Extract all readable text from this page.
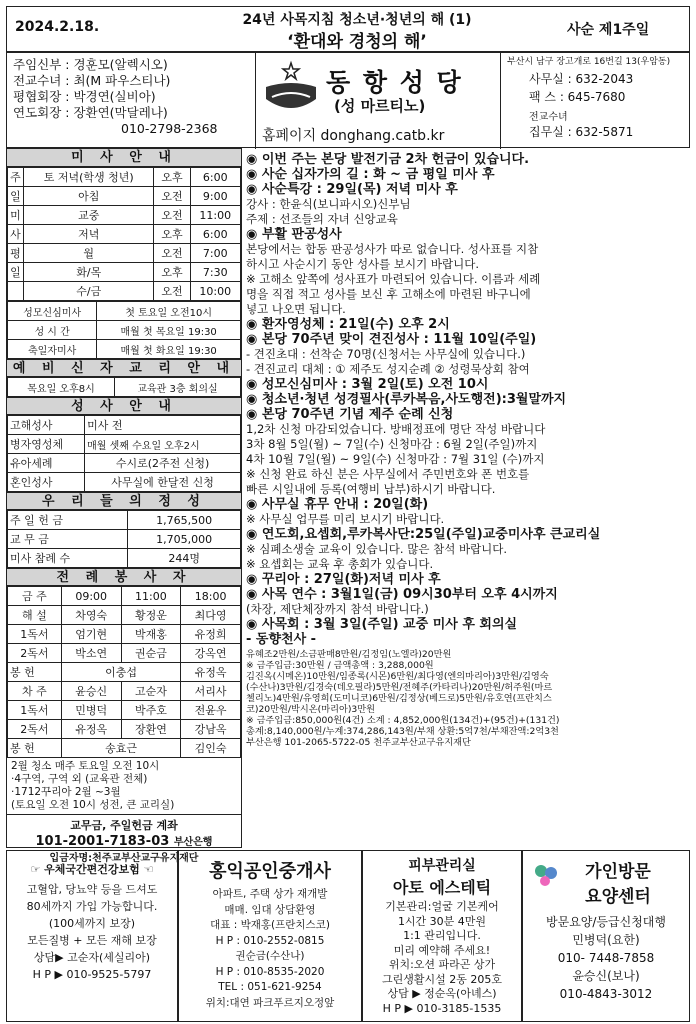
2024.2.18.	24년 사목지침 청소년·청년의 해 (1)
‘환대와 경청의 해’
사순 제1주일
주임신부 : 경훈모(알렉시오)
전교수녀 : 최(M 파우스티나)
평협회장 : 박경연(실비아)
연도회장 : 장환연(막달레나)
010-2798-2368
동 항 성 당
(성 마르티노)
홈페이지 donghang.catb.kr
부산시 남구 장고개로 16번길 13(우암동)
사무실 : 632-2043
팩 스 : 645-7680
전교수녀
집무실 : 632-5871
미 사 안 내
주	토 저녁(학생 청년)	오후	6:00
일	아침	오전	9:00
미	교중	오전	11:00
사	저녁	오후	6:00
평	월	오전	7:00
일	화/목	오후	7:30
	수/금	오전	10:00
성모신심미사	첫 토요일 오전10시
성 시 간	매월 첫 목요일 19:30
축일자미사	매월 첫 화요일 19:30
예 비 신 자 교 리 안 내
목요일 오후8시	교육관 3층 회의실
성 사 안 내
고해성사	미사 전
병자영성체	매월 셋째 수요일 오후2시
유아세례	수시로(2주전 신청)
혼인성사	사무실에 한달전 신청
우 리 들 의 정 성
주 일 헌 금	1,765,500
교 무 금	1,705,000
미사 참례 수	244명
전 례 봉 사 자
금 주	09:00	11:00	18:00
해 설	차영숙	황정운	최다영
1독서	엄기현	박재홍	유정희
2독서	박소연	권순금	강옥연
봉 헌	이충섭		유정옥
차 주	윤승신	고순자	서리사
1독서	민병덕	박주호	전윤우
2독서	유정옥	장환연	강남옥
봉 헌	송효근		김인숙
2월 청소 매주 토요일 오전 10시
·4구역, 구역 외 (교육관 전체)
·1712꾸리아 2월 ~3월
(토요일 오전 10시 성전, 큰 교리실)
교무금, 주일헌금 계좌
101-2001-7183-03 부산은행
입금자명:천주교부산교구유지재단
◉ 이번 주는 본당 발전기금 2차 헌금이 있습니다.
◉ 사순 십자가의 길 : 화 ~ 금 평일 미사 후
◉ 사순특강 : 29일(목) 저녁 미사 후
강사 : 한윤식(보니파시오)신부님
주제 : 선조들의 자녀 신앙교육
◉ 부활 판공성사
본당에서는 합동 판공성사가 따로 없습니다. 성사표를 지참
하시고 사순시기 동안 성사를 보시기 바랍니다.
※ 고해소 앞쪽에 성사표가 마련되어 있습니다. 이름과 세례
명을 직접 적고 성사를 보신 후 고해소에 마련된 바구니에
넣고 나오면 됩니다.
◉ 환자영성체 : 21일(수) 오후 2시
◉ 본당 70주년 맞이 견진성사 : 11월 10일(주일)
- 견진초대 : 선착순 70명(신청서는 사무실에 있습니다.)
- 견진교리 대체 : ① 제주도 성지순례 ② 성령묵상회 참여
◉ 성모신심미사 : 3월 2일(토) 오전 10시
◉ 청소년·청년 성경필사(루카복음,사도행전):3월말까지
◉ 본당 70주년 기념 제주 순례 신청
1,2차 신청 마감되었습니다. 방배정표에 명단 작성 바랍니다
3차 8월 5일(월) ~ 7일(수) 신청마감 : 6월 2일(주일)까지
4차 10월 7일(월) ~ 9일(수) 신청마감 : 7월 31일 (수)까지
※ 신청 완료 하신 분은 사무실에서 주민번호와 폰 번호를
빠른 시일내에 등록(여행비 납부)하시기 바랍니다.
◉ 사무실 휴무 안내 : 20일(화)
※ 사무실 업무를 미리 보시기 바랍니다.
◉ 연도회,요셉회,루카복사단:25일(주일)교중미사후 큰교리실
※ 심폐소생술 교육이 있습니다. 많은 참석 바랍니다.
※ 요셉회는 교육 후 총회가 있습니다.
◉ 꾸리아 : 27일(화)저녁 미사 후
◉ 사목 연수 : 3월1일(금) 09시30부터 오후 4시까지
(차장, 제단체장까지 참석 바랍니다.)
◉ 사목회 : 3월 3일(주일) 교중 미사 후 회의실
- 동향천사 -
유혜조2만원/소금판매8만원/김정임(노엘라)20만원
※ 금주입금:30만원 / 금액총액 : 3,288,000원
김진옥(시메온)10만원/임종록(시몬)6만원/최다영(엔의마리아)3만원/김영숙
(수산나)3만원/김경숙(데오필라)5만원/전혜주(카타리나)20만원/허주원(마르
첼리노)4만원/유영희(도미니코)6만원/김정상(베드로)5만원/유호연(프란치스
코)20만원/박시온(마리아)3만원
※ 금주입금:850,000원(4건) 소계 : 4,852,000원(134건)+(95건)+(131건)
총계:8,140,000원/누계:374,286,143원/부채 상환:5억7천/부채잔액:2억3천
부산은행 101-2065-5722-05 천주교부산교구유지재단
☞ 우체국간편건강보험 ☜
고혈압, 당뇨약 등을 드셔도
80세까지 가입 가능합니다.
(100세까지 보장)
모든질병 + 모든 재해 보장
상담▶ 고순자(세실리아)
H P ▶ 010-9525-5797
홍익공인중개사
아파트, 주택 상가 재개발
매매. 임대 상담환영
대표 : 박재홍(프란치스코)
H P : 010-2552-0815
권순금(수산나)
H P : 010-8535-2020
TEL : 051-621-9254
위치:대연 파크푸르지오정앞
피부관리실
아토 에스테틱
기본관리:얼굴 기본케어
1시간 30분 4만원
1:1 관리입니다.
미리 예약해 주세요!
위치:오션 파라곤 상가
그린생활시설 2동 205호
상담 ▶ 정순옥(아녜스)
H P ▶ 010-3185-1535
가인방문
요양센터
방문요양/등급신청대행
민병덕(요한)
010- 7448-7858
윤승신(보나)
010-4843-3012
